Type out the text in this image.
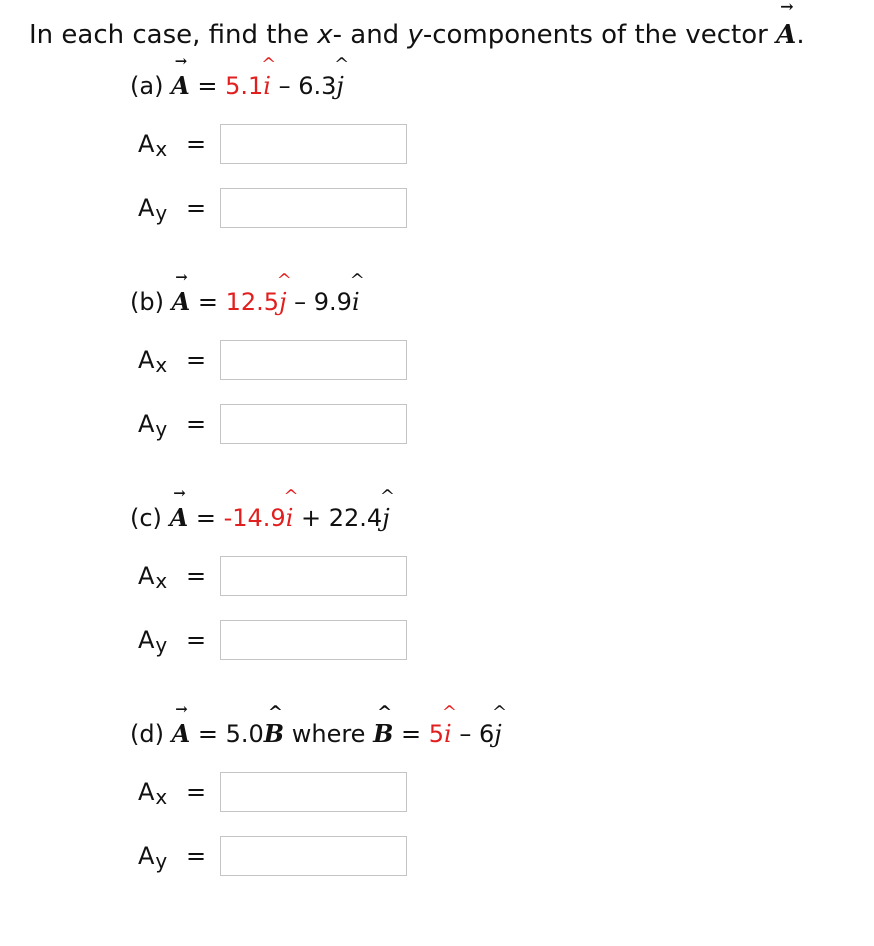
In each case, find the x- and y-components of the vector
→
A.
(a)
→
A = 5.1
^
i – 6.3
^
j
$A_x$ =
$A_y$ =
(b)
→
A = 12.5
^
j – 9.9
^
i
$A_x$ =
$A_y$ =
(c)
→
A = -14.9
^
i + 22.4
^
j
$A_x$ =
$A_y$ =
(d)
→
A = 5.0
^
B where
^
B = 5
^
i – 6
^
j
$A_x$ =
$A_y$ =
